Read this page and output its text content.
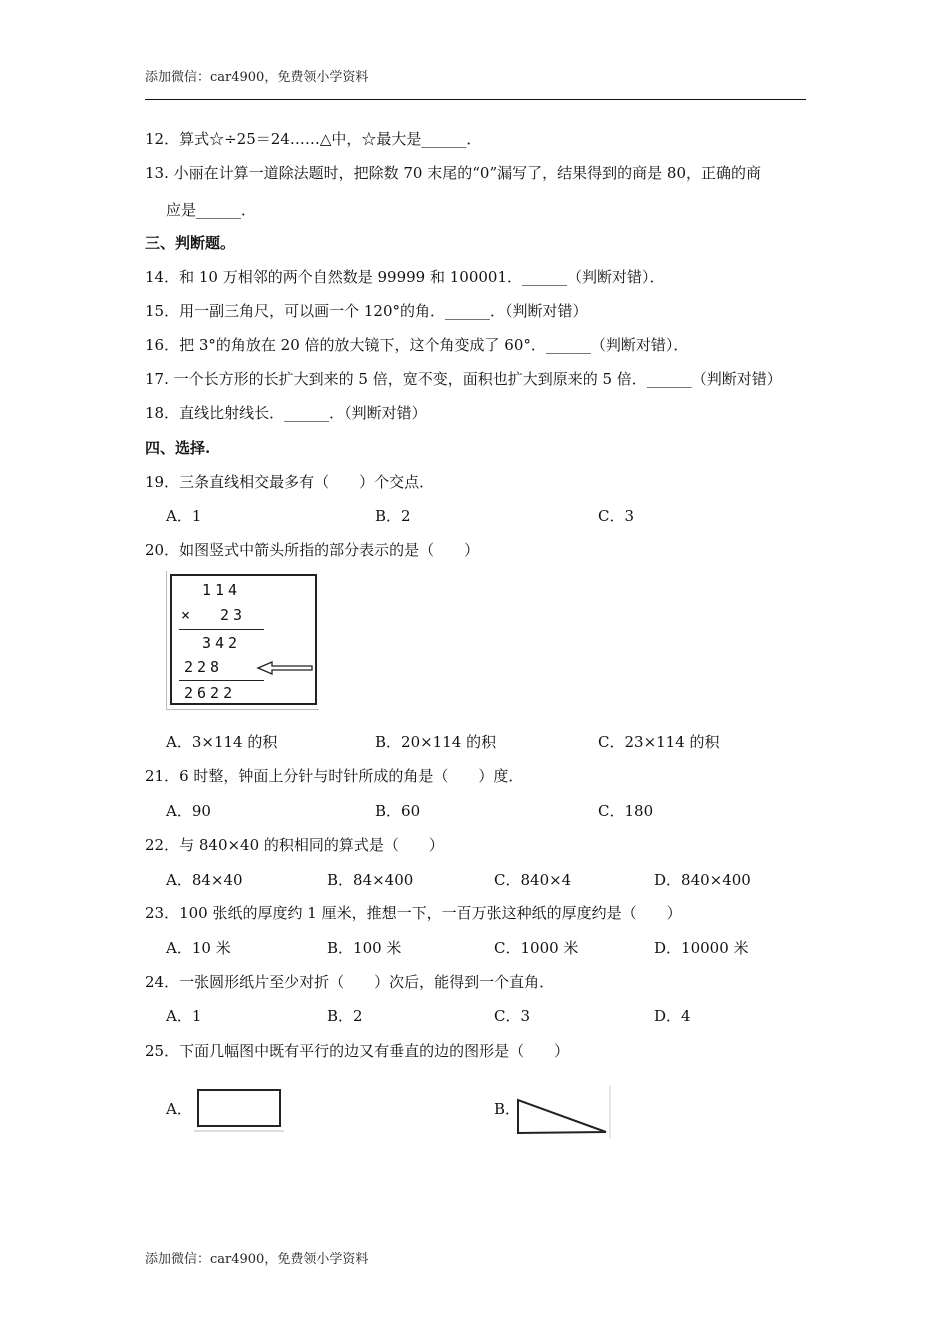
添加微信：car4900，免费领小学资料
12．算式☆÷25＝24……△中，☆最大是______．
13. 小丽在计算一道除法题时，把除数 70 末尾的“0”漏写了，结果得到的商是 80，正确的商
应是______．
三、判断题。
14．和 10 万相邻的两个自然数是 99999 和 100001．______（判断对错）．
15．用一副三角尺，可以画一个 120°的角．______．（判断对错）
16．把 3°的角放在 20 倍的放大镜下，这个角变成了 60°．______（判断对错）．
17. 一个长方形的长扩大到来的 5 倍，宽不变，面积也扩大到原来的 5 倍．______（判断对错）
18．直线比射线长．______．（判断对错）
四、选择.
19．三条直线相交最多有（　　）个交点．
A．1	B．2	C．3
20．如图竖式中箭头所指的部分表示的是（　　）
114
× 23
342
228
2622
A．3×114 的积	B．20×114 的积	C．23×114 的积
21．6 时整，钟面上分针与时针所成的角是（　　）度．
A．90	B．60	C．180
22．与 840×40 的积相同的算式是（　　）
A．84×40	B．84×400	C．840×4	D．840×400
23．100 张纸的厚度约 1 厘米，推想一下，一百万张这种纸的厚度约是（　　）
A．10 米	B．100 米	C．1000 米	D．10000 米
24．一张圆形纸片至少对折（　　）次后，能得到一个直角．
A．1	B．2	C．3	D．4
25．下面几幅图中既有平行的边又有垂直的边的图形是（　　）
A．	B．
添加微信：car4900，免费领小学资料
